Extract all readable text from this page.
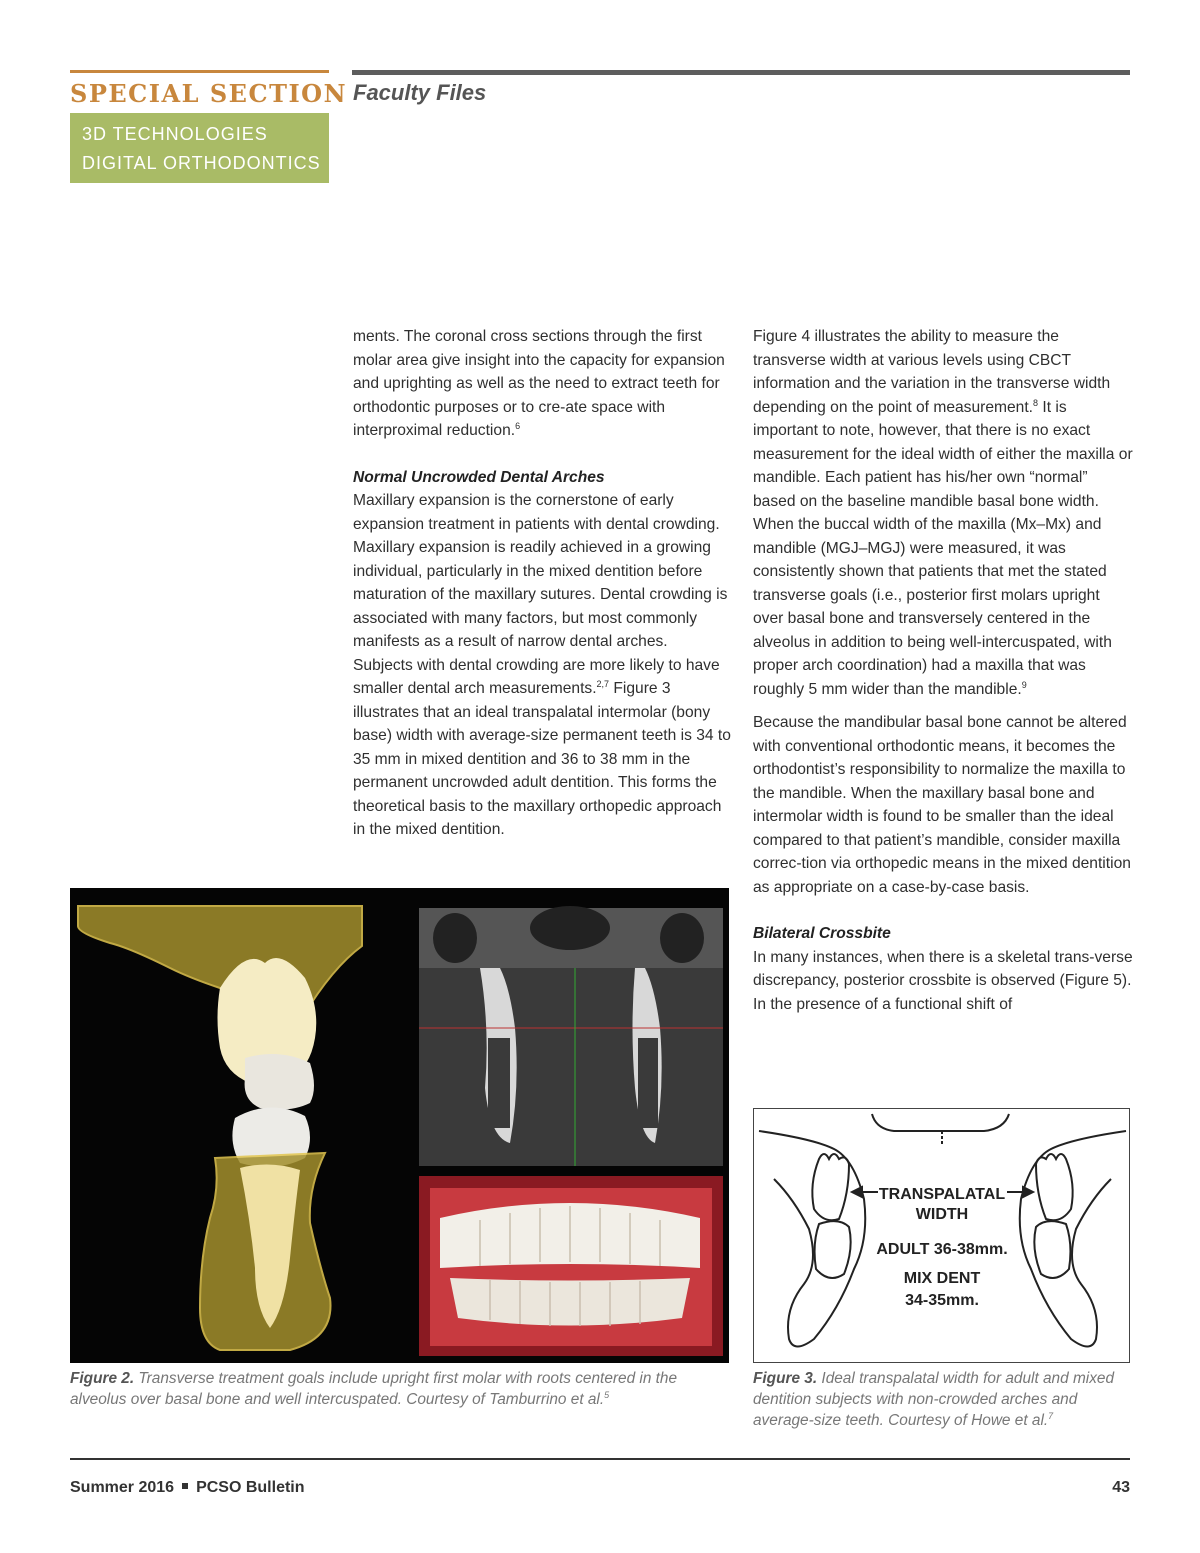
SPECIAL SECTION
3D TECHNOLOGIES
DIGITAL ORTHODONTICS
Faculty Files

ments. The coronal cross sections through the first molar area give insight into the capacity for expansion and uprighting as well as the need to extract teeth for orthodontic purposes or to cre-ate space with interproximal reduction.$^6$

Normal Uncrowded Dental Arches

Maxillary expansion is the cornerstone of early expansion treatment in patients with dental crowding. Maxillary expansion is readily achieved in a growing individual, particularly in the mixed dentition before maturation of the maxillary sutures. Dental crowding is associated with many factors, but most commonly manifests as a result of narrow dental arches. Subjects with dental crowding are more likely to have smaller dental arch measurements.$^{2,7}$ Figure 3 illustrates that an ideal transpalatal intermolar (bony base) width with average-size permanent teeth is 34 to 35 mm in mixed dentition and 36 to 38 mm in the permanent uncrowded adult dentition. This forms the theoretical basis to the maxillary orthopedic approach in the mixed dentition.

Figure 4 illustrates the ability to measure the transverse width at various levels using CBCT information and the variation in the transverse width depending on the point of measurement.$^8$ It is important to note, however, that there is no exact measurement for the ideal width of either the maxilla or mandible. Each patient has his/her own “normal” based on the baseline mandible basal bone width. When the buccal width of the maxilla (Mx–Mx) and mandible (MGJ–MGJ) were measured, it was consistently shown that patients that met the stated transverse goals (i.e., posterior first molars upright over basal bone and transversely centered in the alveolus in addition to being well-intercuspated, with proper arch coordination) had a maxilla that was roughly 5 mm wider than the mandible.$^9$

Because the mandibular basal bone cannot be altered with conventional orthodontic means, it becomes the orthodontist’s responsibility to normalize the maxilla to the mandible. When the maxillary basal bone and intermolar width is found to be smaller than the ideal compared to that patient’s mandible, consider maxilla correc-tion via orthopedic means in the mixed dentition as appropriate on a case-by-case basis.

Bilateral Crossbite

In many instances, when there is a skeletal trans-verse discrepancy, posterior crossbite is observed (Figure 5). In the presence of a functional shift of

Figure 2. Transverse treatment goals include upright first molar with roots centered in the alveolus over basal bone and well intercuspated. Courtesy of Tamburrino et al.$^5$
TRANSPALATAL
WIDTH
ADULT 36-38mm.
MIX DENT
34-35mm.
Figure 3. Ideal transpalatal width for adult and mixed dentition subjects with non-crowded arches and average-size teeth. Courtesy of Howe et al.$^7$
Summer 2016 PCSO Bulletin	43
